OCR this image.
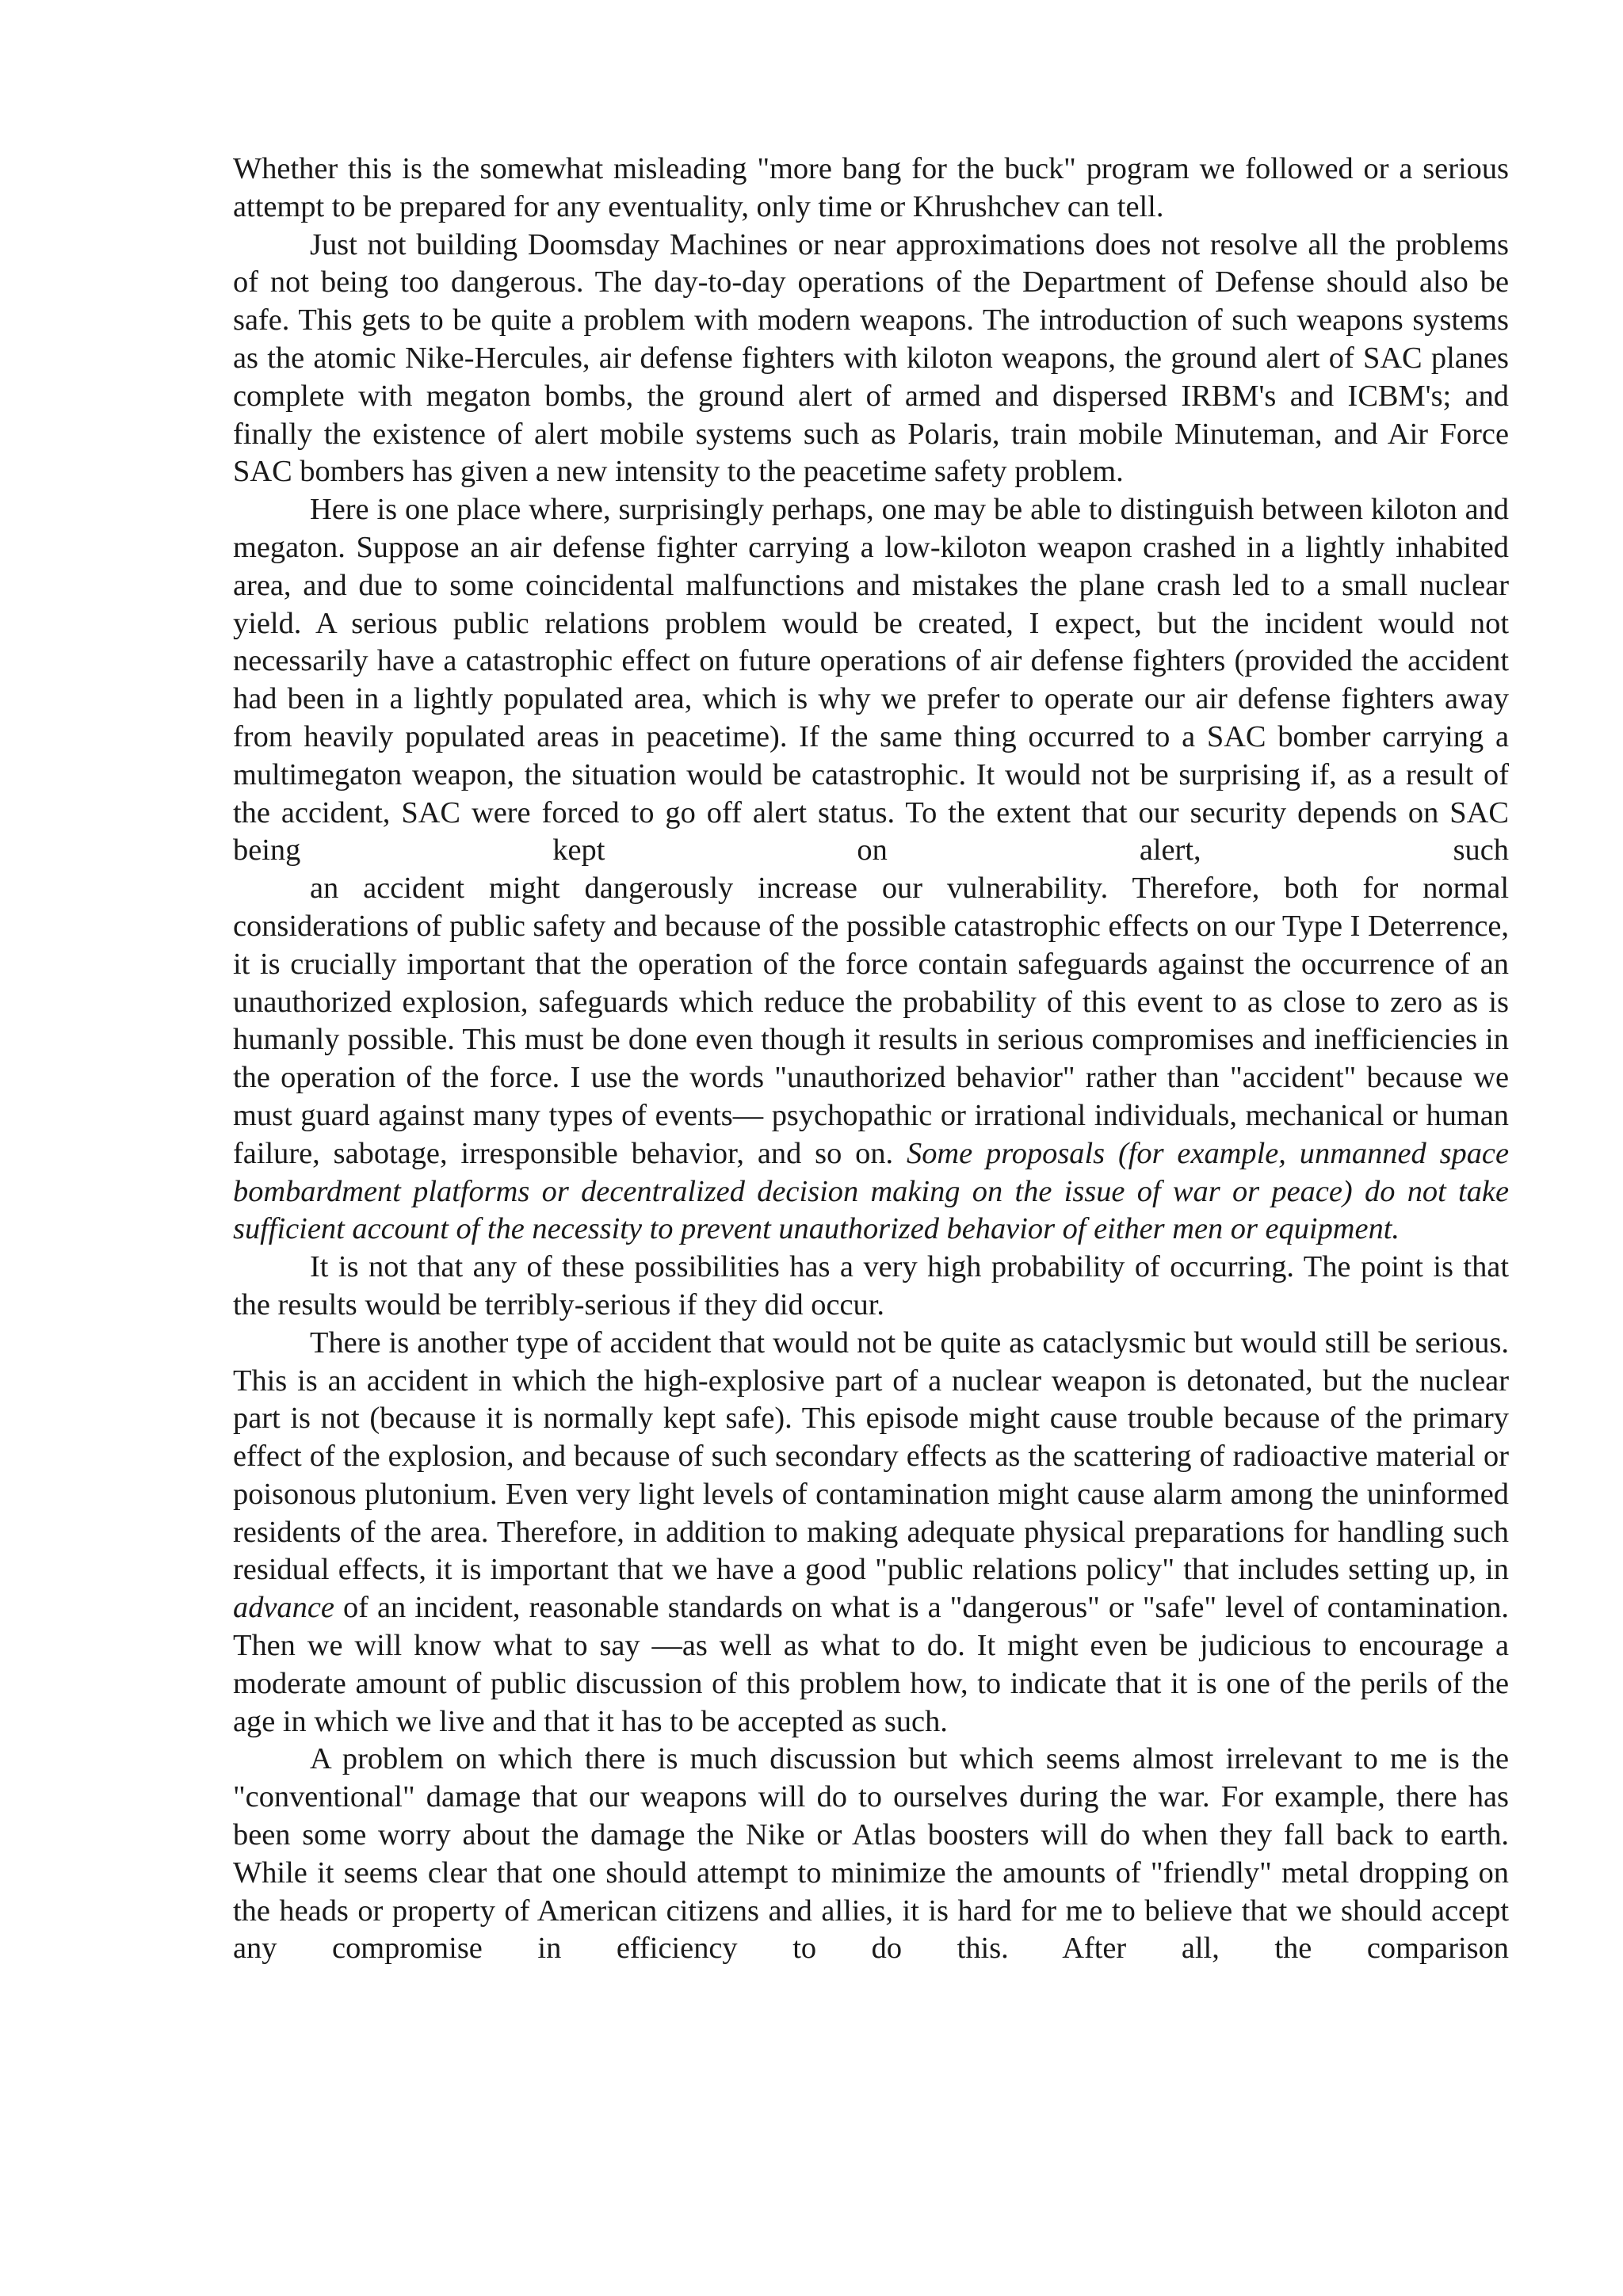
Whether this is the somewhat misleading "more bang for the buck" program we followed or a serious attempt to be prepared for any eventuality, only time or Khrushchev can tell.

Just not building Doomsday Machines or near approximations does not resolve all the problems of not being too dangerous. The day-to-day operations of the Department of Defense should also be safe. This gets to be quite a problem with modern weapons. The introduction of such weapons systems as the atomic Nike-Hercules, air defense fighters with kiloton weapons, the ground alert of SAC planes complete with megaton bombs, the ground alert of armed and dispersed IRBM's and ICBM's; and finally the existence of alert mobile systems such as Polaris, train mobile Minuteman, and Air Force SAC bombers has given a new intensity to the peacetime safety problem.

Here is one place where, surprisingly perhaps, one may be able to distinguish between kiloton and megaton. Suppose an air defense fighter carrying a low-kiloton weapon crashed in a lightly inhabited area, and due to some coincidental malfunctions and mistakes the plane crash led to a small nuclear yield. A serious public relations problem would be created, I expect, but the incident would not necessarily have a catastrophic effect on future operations of air defense fighters (provided the accident had been in a lightly populated area, which is why we prefer to operate our air defense fighters away from heavily populated areas in peacetime). If the same thing occurred to a SAC bomber carrying a multimegaton weapon, the situation would be catastrophic. It would not be surprising if, as a result of the accident, SAC were forced to go off alert status. To the extent that our security depends on SAC being kept on alert, such

an accident might dangerously increase our vulnerability. Therefore, both for normal considerations of public safety and because of the possible catastrophic effects on our Type I Deterrence, it is crucially important that the operation of the force contain safeguards against the occurrence of an unauthorized explosion, safeguards which reduce the probability of this event to as close to zero as is humanly possible. This must be done even though it results in serious compromises and inefficiencies in the operation of the force. I use the words "unauthorized behavior" rather than "accident" because we must guard against many types of events— psychopathic or irrational individuals, mechanical or human failure, sabotage, irresponsible behavior, and so on. Some proposals (for example, unmanned space bombardment platforms or decentralized decision making on the issue of war or peace) do not take sufficient account of the necessity to prevent unauthorized behavior of either men or equipment.

It is not that any of these possibilities has a very high probability of occurring. The point is that the results would be terribly-serious if they did occur.

There is another type of accident that would not be quite as cataclysmic but would still be serious. This is an accident in which the high-explosive part of a nuclear weapon is detonated, but the nuclear part is not (because it is normally kept safe). This episode might cause trouble because of the primary effect of the explosion, and because of such secondary effects as the scattering of radioactive material or poisonous plutonium. Even very light levels of contamination might cause alarm among the uninformed residents of the area. Therefore, in addition to making adequate physical preparations for handling such residual effects, it is important that we have a good "public relations policy" that includes setting up, in advance of an incident, reasonable standards on what is a "dangerous" or "safe" level of contamination. Then we will know what to say —as well as what to do. It might even be judicious to encourage a moderate amount of public discussion of this problem how, to indicate that it is one of the perils of the age in which we live and that it has to be accepted as such.

A problem on which there is much discussion but which seems almost irrelevant to me is the "conventional" damage that our weapons will do to ourselves during the war. For example, there has been some worry about the damage the Nike or Atlas boosters will do when they fall back to earth. While it seems clear that one should attempt to minimize the amounts of "friendly" metal dropping on the heads or property of American citizens and allies, it is hard for me to believe that we should accept any compromise in efficiency to do this. After all, the comparison
